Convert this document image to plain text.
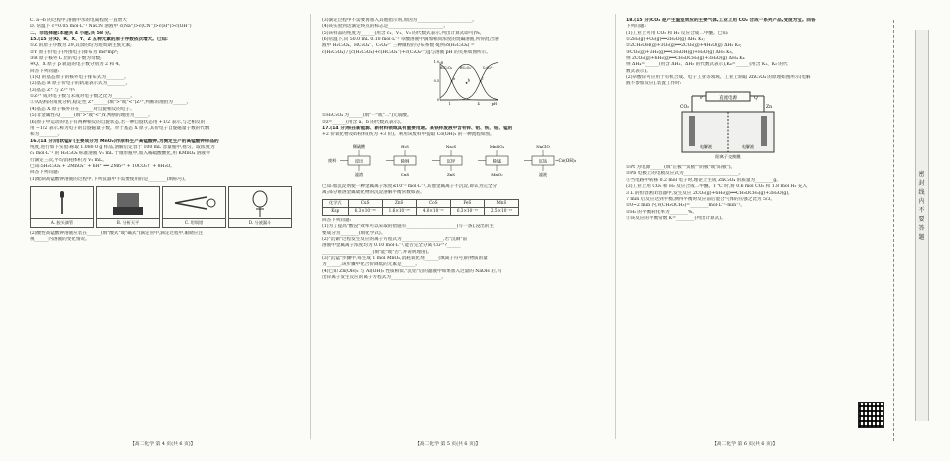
C. a→b 的过程中,溶液中水的电离程度一直增大
D. 常温下 c=0.05 mol·L⁻¹ NaCN 溶液中 c(Na⁺)>c(CN⁻)>c(H⁺)>c(OH⁻)
二、非选择题:本题共 4 小题,共 58 分。
15.(15 分)Q、R、X、Y、Z 五种元素的原子序数依次增大。已知:
①Z 的原子序数为 29,其余的均为短周期主族元素;
②Y 原子价电子(外围电子)排布为 msⁿmpⁿ;
③R 原子核外 L 层的电子数为奇数;
④Q、X 原子 p 轨道的电子数分别为 2 和 4。
回答下列问题:
(1)Q 的基态原子的核外电子排布式为________。
(2)基态 R 原子价电子的轨道表示式为________。
(3)基态 Z⁺ 与 Z²⁺ 中:
①Z²⁺ 成对电子数与未成对电子数之比为________。
②从结构的角度分析,稳定性 Z⁺______(填">"或"<")Z²⁺,判断的理由为______。
(4)基态 X 原子核外存在______对自旋相反的电子。
(5)非金属性:Q______(填">"或"<")Y,判断的理由为______。
(6)原子中运动的电子有两种相反的自旋状态,若一种自旋状态用 +1/2 表示,与之相反的
用 −1/2 表示,称为电子的自旋磁量子数。对于基态 X 原子,其价电子自旋磁量子数的代数
和为________。
16.(14 分)用软锰矿(主要成分为 MnO₂)作原料生产高锰酸钾,为测定生产的高锰酸钾样品的
纯度,进行如下实验:称取 1.080 0 g 样品,溶解后定容于 100 mL 容量瓶中,摇匀。取浓度为
c₁ mol·L⁻¹ 的 H₂C₂O₄ 标准溶液 V₁ mL 于锥形瓶中,加入稀硫酸酸化,用 KMnO₄ 溶液平
行滴定三次,平均消耗体积为 V₂ mL。
已知:5H₂C₂O₄ + 2MnO₄⁻ + 6H⁺ ══ 2Mn²⁺ + 10CO₂↑ + 8H₂O。
回答下列问题:
(1)配制高锰酸钾溶液的过程中,下列仪器中不需要使用的是________(填标号)。
A. 胶头滴管	B. 分析天平	C. 坩埚钳	D. 分液漏斗
(2)酸性高锰酸钾溶液应装在______(填"酸式"或"碱式")滴定管中,滴定过程中,眼睛应注
视______内溶液的变化情况。
(3)滴定过程中不需要再加入其他指示剂,原因为________________________。
(4)该实验到达滴定终点的标志是________________________。
(5)该样品的纯度为______(用含 c₁、V₁、V₂ 的代数式表示,列出计算式即可)%。
(6)常温下,向 50.0 mL 0.10 mol·L⁻¹ 草酸溶液中滴加相同浓度的烧碱溶液,所得混合溶
液中 H₂C₂O₄、HC₂O₄⁻、C₂O₄²⁻ 三种微粒的分布系数 δ[例:δ(H₂C₂O₄) =
c(H₂C₂O₄) / [c(H₂C₂O₄)+c(HC₂O₄⁻)+c(C₂O₄²⁻)]]与溶液 pH 的关系如图所示。
a	b	c
H₂C₂O₄ HC₂O₄⁻	C₂O₄²⁻
0
0.5
1.0
1	4	pH
δ
①H₂C₂O₄ 为______(填"一"或"二")元弱酸。
②z=______(用含 a、b 的代数式表示)。
17.(14 分)铁在新能源、新材料领域具有重要用途。某铁样废液中含有锌、铝、铁、钴、锰的
+2 价氧化物及碎粉料(铁为 +3 价)。利用该废料中提取 Co(OH)₂ 的一种流程如图。
废料	浸出
稀硫酸
滤渣
除铜
H₂S
CuS
沉锌
Na₂S
ZnS
除锰
MnSO₄
MnO₂
沉钴
NaClO
滤液
→Co(OH)₂
已知:加沉淀剂使一种金属离子浓度≤10⁻⁵ mol·L⁻¹,其他金属离子不沉淀,即认为完全分
离;部分难溶金属硫化物的沉淀溶解平衡常数如表。
化学式	CuS	ZnS	CoS	FeS	MnS
Ksp	6.3×10⁻³⁶	1.6×10⁻²⁴	4.0×10⁻²¹	6.3×10⁻¹⁸	2.5×10⁻¹³
回答下列问题:
(1)为了提高"酸浸"效率可以采取的措施有______________________(写一条),浸出的主
要成分为________(填化学式)。
(2)"沉铜"过程发生反应的离子方程式为__________________,若"沉铜"前
溶液中金属离子浓度均为 0.10 mol·L⁻¹,能否完全分离 Cu²⁺?______
______________________(填"能"或"否",并说明理由)。
(3)"沉锰"步骤中,每生成 1 mol MnO₂,消耗氧化剂______(填离子符号)的物质的量
为______,该步骤中化合价降低的元素是______。
(4)已知 Zn(OH)₂ 与 Al(OH)₃ 性质相似,"沉铝"后的滤液中如果加入过量的 NaOH 后,写
出锌离子发生反应的离子方程式为______________________。
18.(15 分)CO₂ 是产生温室效应的主要气体,工业上用 CO₂ 合成一系列产品,变废为宝。回答
下列问题:
(1)工业上可用 CO₂ 和 H₂ 反应合成二甲醚。已知:
①2H₂(g)+O₂(g)══2H₂O(g) ΔH₁ K₁;
②2CH₃OH(g)+3O₂(g)══2CO₂(g)+4H₂O(g) ΔH₂ K₂;
③CO₂(g)+3H₂(g)══CH₃OH(g)+H₂O(g) ΔH₃ K₃。
则 2CO₂(g)+6H₂(g)══CH₃OCH₃(g)+3H₂O(g) ΔH₄ K₄
则 ΔH₄=______(用含 ΔH₁、ΔH₂ 的代数式表示),K₄=______(用含 K₁、K₂ 的代
数式表示)。
(2)草酸锌可应用于有机合成、电子工业等领域。工业上制取 ZnC₂O₄ 的原理如图所示(电解
液不参加反应),装置工作时:
直流电源
P	Q
CO₂	Zn
电解液	电解液
阳离子交换膜
①Pt 为电源______(填"正极""负极""阴极"或"阳极")。
②Pb 电极上的电极反应式为________________________。
③当电路中转移 0.2 mol 电子时,理论上生成 ZnC₂O₄ 的质量为________g。
(3)工业上用 CO₂ 和 H₂ 反应合成二甲醚。T ℃ 时,将 0.6 mol CO₂ 和 1.8 mol H₂ 充入
3 L 的恒容密闭容器中,发生反应 2CO₂(g)+6H₂(g)══CH₃OCH₃(g)+3H₂O(g),
7 min 后反应达到平衡,测得平衡时反应前后混合气体的压强之比为 5/3。
①0~2 min 内,v(CH₃OCH₃)=________mol·L⁻¹·min⁻¹。
②H₂ 的平衡转化率为________%。
③该反应的平衡常数 K=________(列出计算式)。
【高二化学 第 4 页(共 6 页)】	【高二化学 第 5 页(共 6 页)】	【高二化学 第 6 页(共 6 页)】
密 封 线 内 不 要 答 题
